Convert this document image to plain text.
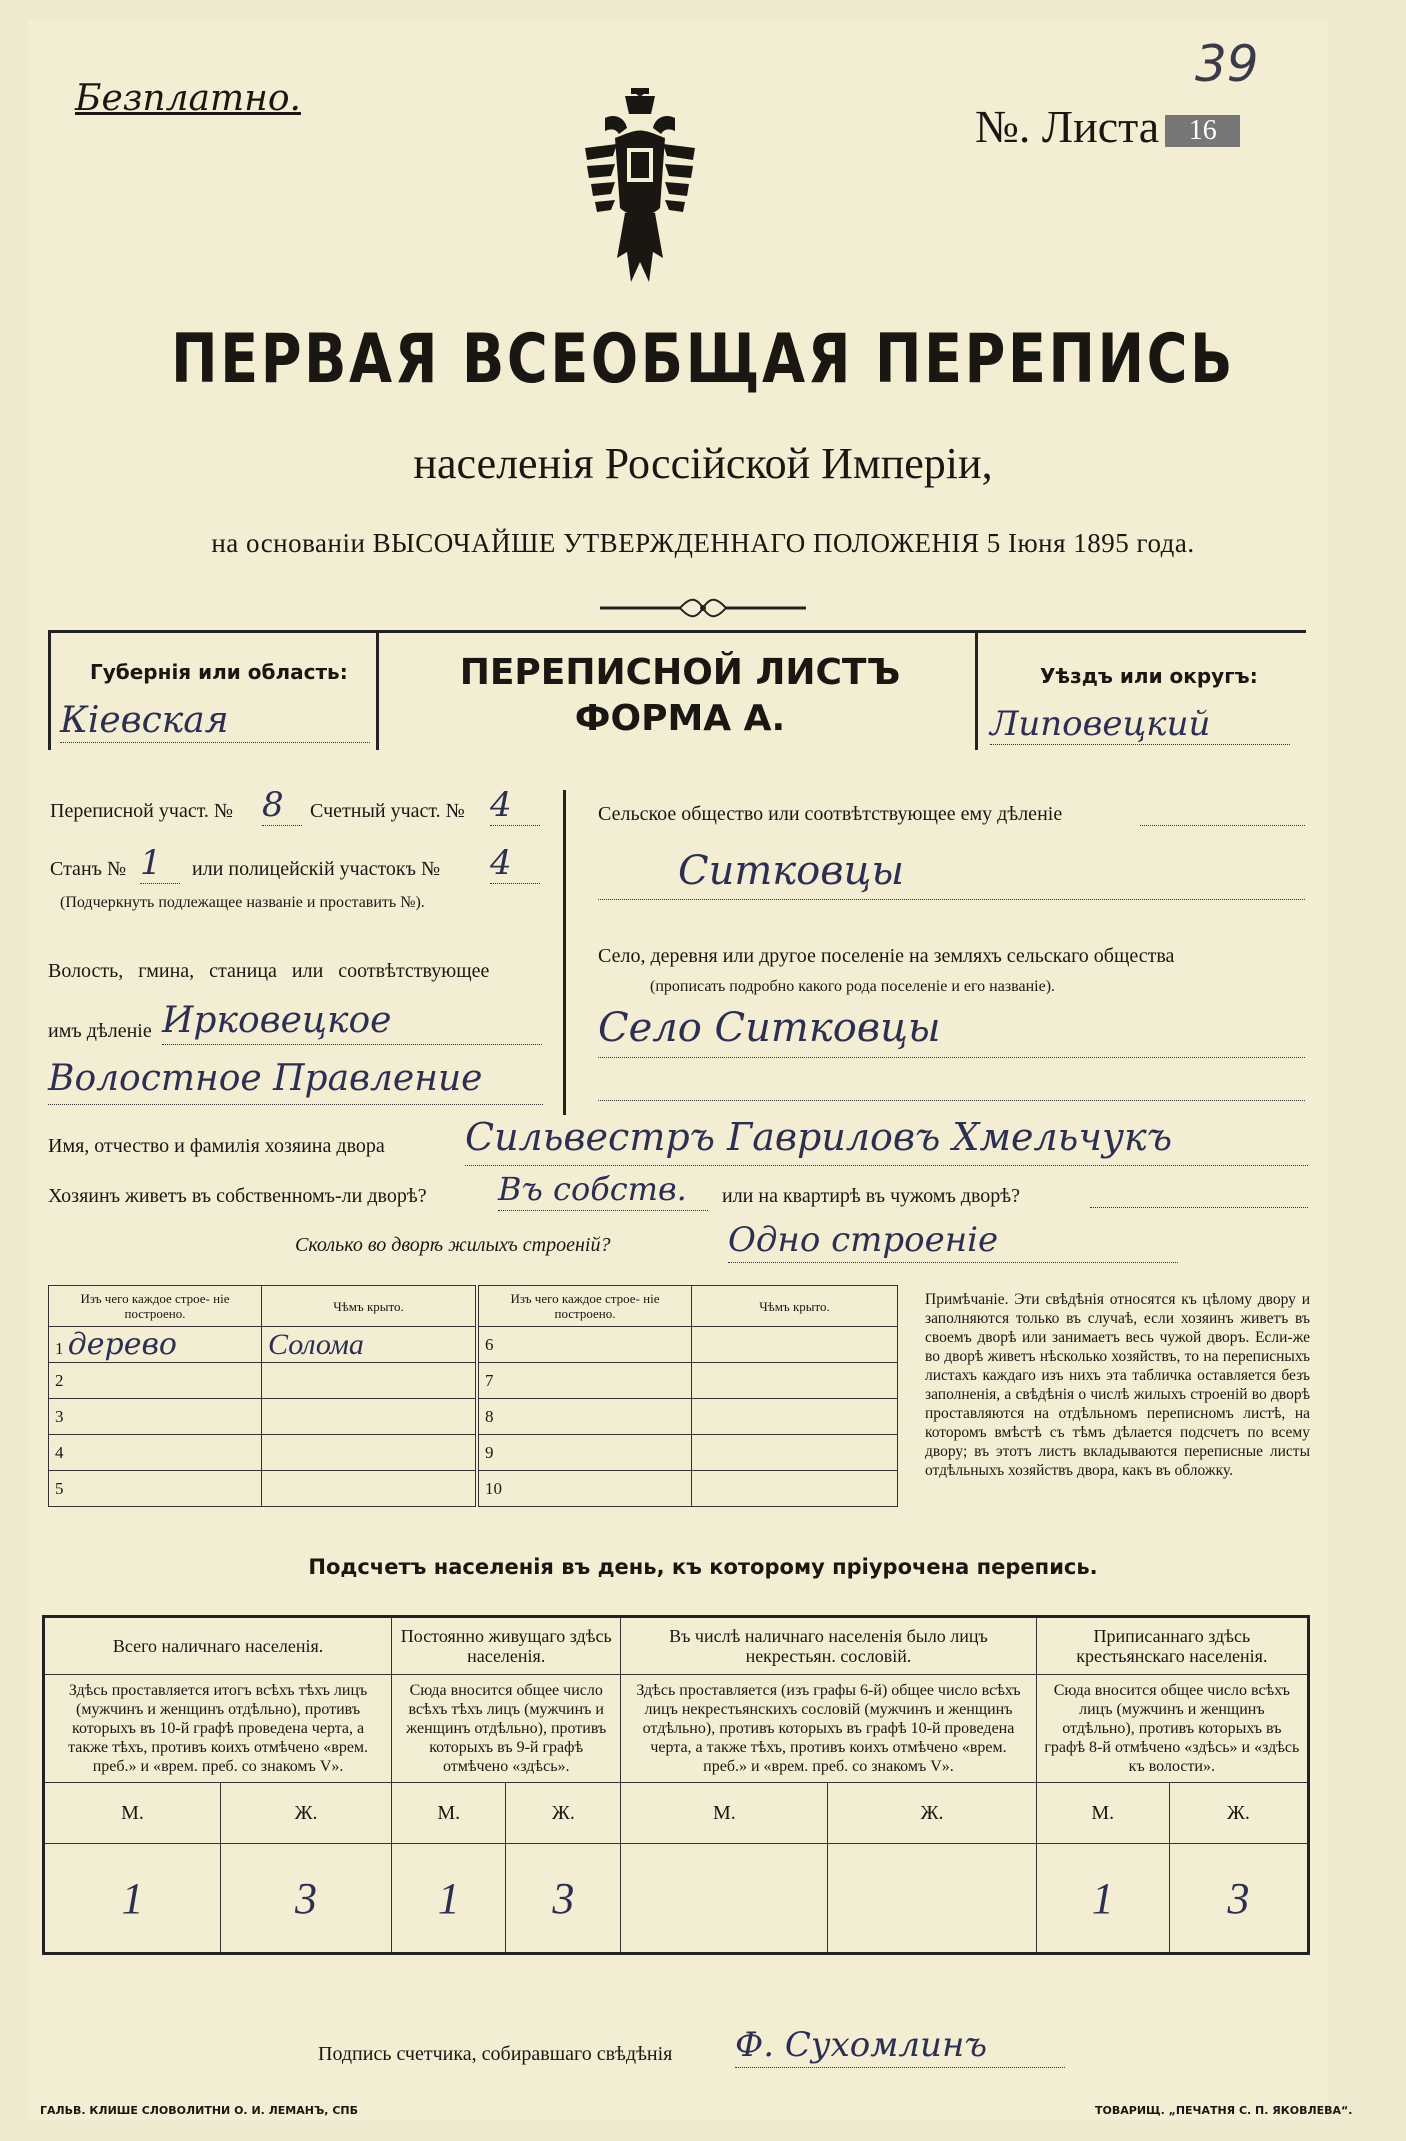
Безплатно.
39
№. Листа 16
ПЕРВАЯ ВСЕОБЩАЯ ПЕРЕПИСЬ
населенія Россійской Имперіи,
на основаніи ВЫСОЧАЙШЕ УТВЕРЖДЕННАГО ПОЛОЖЕНІЯ 5 Іюня 1895 года.
Губернія или область:
Кіевская
ПЕРЕПИСНОЙ ЛИСТЪ
ФОРМА А.
Уѣздъ или округъ:
Липовецкий
Переписной участ. № 8	Счетный участ. № 4
Станъ № 1	или полицейскій участокъ № 4
(Подчеркнуть подлежащее названіе и проставить №).
Волость, гмина, станица или соотвѣтствующее
имъ дѣленіе Ирковецкое
Волостное Правление
Сельское общество или соотвѣтствующее ему дѣленіе
Ситковцы
Село, деревня или другое поселеніе на земляхъ сельскаго общества
(прописать подробно какого рода поселеніе и его названіе).
Село Ситковцы
Имя, отчество и фамилія хозяина двора Сильвестръ Гавриловъ Хмельчукъ
Хозяинъ живетъ въ собственномъ-ли дворѣ? Въ собств.	или на квартирѣ въ чужомъ дворѣ?
Сколько во дворѣ жилыхъ строеній?	Одно строеніе
Изъ чего каждое строе- ніе построено.	Чѣмъ крыто.
1 дерево	Солома
2	
3	
4	
5	
Изъ чего каждое строе- ніе построено.	Чѣмъ крыто.
6	
7	
8	
9	
10	
Примѣчаніе. Эти свѣдѣнія относятся къ цѣлому двору и заполняются только въ случаѣ, если хозяинъ живетъ въ своемъ дворѣ или занимаетъ весь чужой дворъ. Если-же во дворѣ живетъ нѣсколько хозяйствъ, то на переписныхъ листахъ каждаго изъ нихъ эта табличка оставляется безъ заполненія, а свѣдѣнія о числѣ жилыхъ строеній во дворѣ проставляются на отдѣльномъ переписномъ листѣ, на которомъ вмѣстѣ съ тѣмъ дѣлается подсчетъ по всему двору; въ этотъ листъ вкладываются переписные листы отдѣльныхъ хозяйствъ двора, какъ въ обложку.
Подсчетъ населенія въ день, къ которому пріурочена перепись.
Всего наличнаго населенія.		Постоянно живущаго здѣсь населенія.		Въ числѣ наличнаго населенія было лицъ некрестьян. сословій.		Приписаннаго здѣсь крестьянскаго населенія.	
Здѣсь проставляется итогъ всѣхъ тѣхъ лицъ (мужчинъ и женщинъ отдѣльно), противъ которыхъ въ 10-й графѣ проведена черта, а также тѣхъ, противъ коихъ отмѣчено «врем. преб.» и «врем. преб. со знакомъ V».		Сюда вносится общее число всѣхъ тѣхъ лицъ (мужчинъ и женщинъ отдѣльно), противъ которыхъ въ 9-й графѣ отмѣчено «здѣсь».		Здѣсь проставляется (изъ графы 6-й) общее число всѣхъ лицъ некрестьянскихъ сословій (мужчинъ и женщинъ отдѣльно), противъ которыхъ въ графѣ 10-й проведена черта, а также тѣхъ, противъ коихъ отмѣчено «врем. преб.» и «врем. преб. со знакомъ V».		Сюда вносится общее число всѣхъ лицъ (мужчинъ и женщинъ отдѣльно), противъ которыхъ въ графѣ 8-й отмѣчено «здѣсь» и «здѣсь къ волости».	
М.	Ж.	М.	Ж.	М.	Ж.	М.	Ж.
1	3	1	3			1	3
Подпись счетчика, собиравшаго свѣдѣнія Ф. Сухомлинъ
ГАЛЬВ. КЛИШЕ СЛОВОЛИТНИ О. И. ЛЕМАНЪ, СПБ	ТОВАРИЩ. „ПЕЧАТНЯ С. П. ЯКОВЛЕВА“.
